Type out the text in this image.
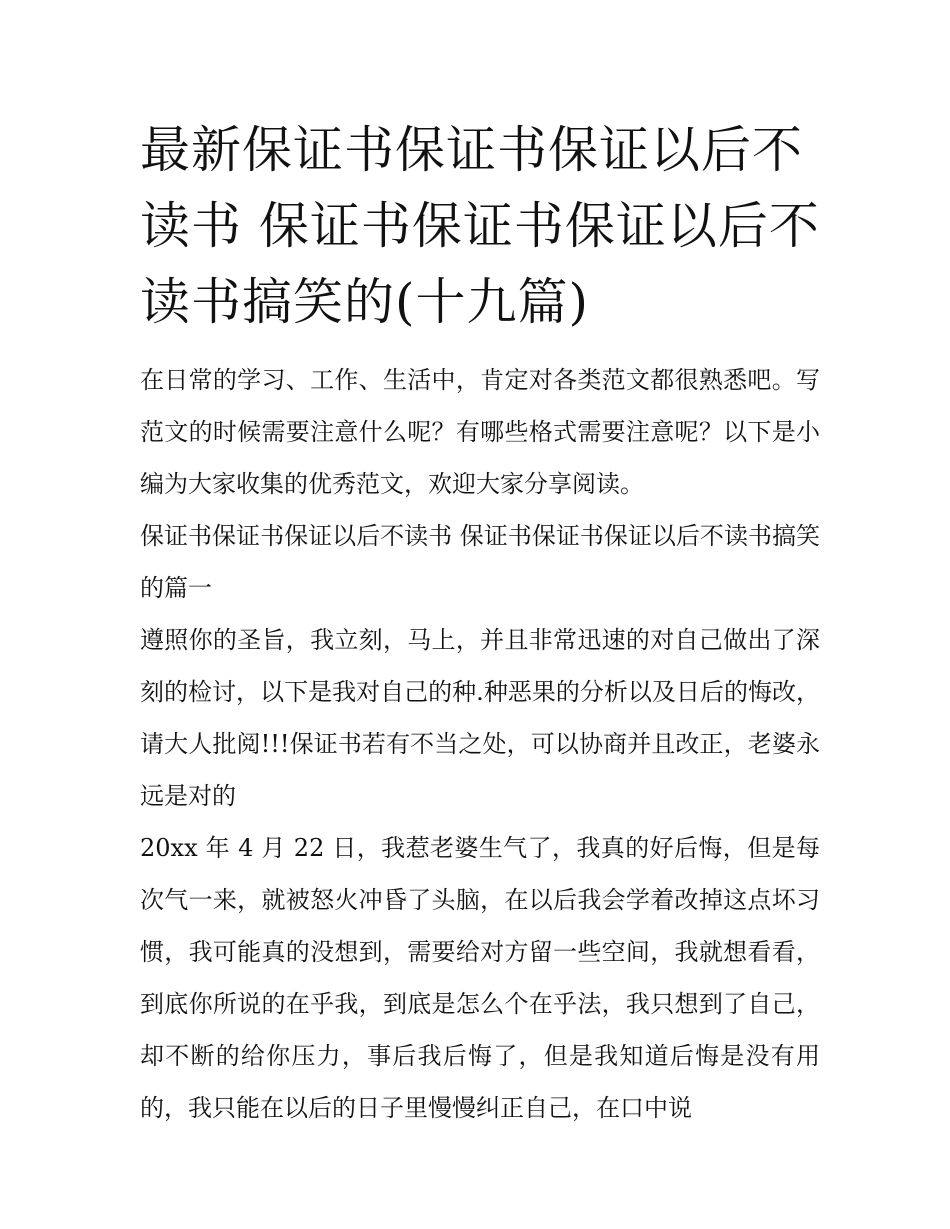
最新保证书保证书保证以后不读书 保证书保证书保证以后不读书搞笑的(十九篇)

在日常的学习、工作、生活中，肯定对各类范文都很熟悉吧。写范文的时候需要注意什么呢？有哪些格式需要注意呢？以下是小编为大家收集的优秀范文，欢迎大家分享阅读。

保证书保证书保证以后不读书 保证书保证书保证以后不读书搞笑的篇一

遵照你的圣旨，我立刻，马上，并且非常迅速的对自己做出了深刻的检讨，以下是我对自己的种.种恶果的分析以及日后的悔改，请大人批阅!!!保证书若有不当之处，可以协商并且改正，老婆永远是对的

20xx 年 4 月 22 日，我惹老婆生气了，我真的好后悔，但是每次气一来，就被怒火冲昏了头脑，在以后我会学着改掉这点坏习惯，我可能真的没想到，需要给对方留一些空间，我就想看看，到底你所说的在乎我，到底是怎么个在乎法，我只想到了自己，却不断的给你压力，事后我后悔了，但是我知道后悔是没有用的，我只能在以后的日子里慢慢纠正自己，在口中说
